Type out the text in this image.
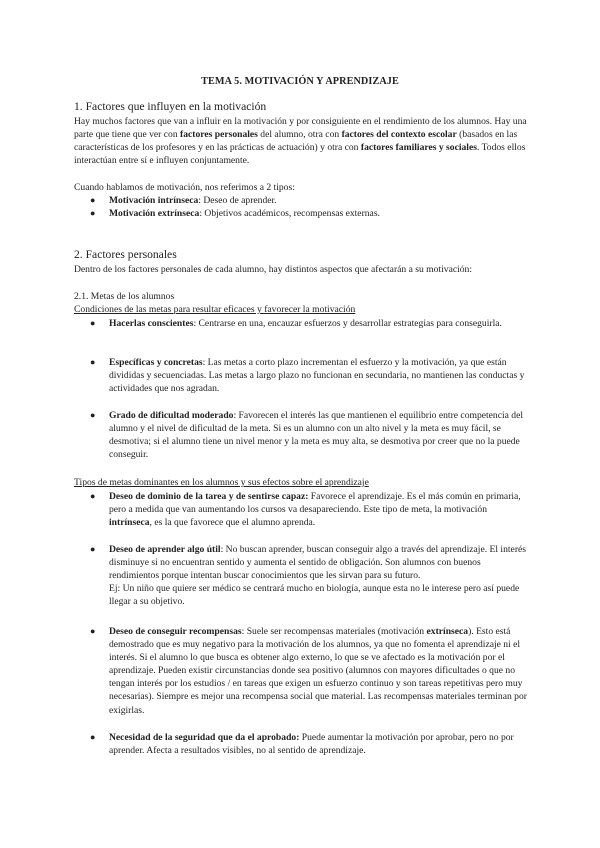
TEMA 5. MOTIVACIÓN Y APRENDIZAJE
1. Factores que influyen en la motivación

Hay muchos factores que van a influir en la motivación y por consiguiente en el rendimiento de los alumnos. Hay una parte que tiene que ver con factores personales del alumno, otra con factores del contexto escolar (basados en las características de los profesores y en las prácticas de actuación) y otra con factores familiares y sociales. Todos ellos interactúan entre sí e influyen conjuntamente.

Cuando hablamos de motivación, nos referimos a 2 tipos:

● Motivación intrínseca: Deseo de aprender.
● Motivación extrínseca: Objetivos académicos, recompensas externas.
2. Factores personales

Dentro de los factores personales de cada alumno, hay distintos aspectos que afectarán a su motivación:

2.1. Metas de los alumnos

Condiciones de las metas para resultar eficaces y favorecer la motivación

● Hacerlas conscientes: Centrarse en una, encauzar esfuerzos y desarrollar estrategias para conseguirla.
● Específicas y concretas: Las metas a corto plazo incrementan el esfuerzo y la motivación, ya que están divididas y secuenciadas. Las metas a largo plazo no funcionan en secundaria, no mantienen las conductas y actividades que nos agradan.
● Grado de dificultad moderado: Favorecen el interés las que mantienen el equilibrio entre competencia del alumno y el nivel de dificultad de la meta. Si es un alumno con un alto nivel y la meta es muy fácil, se desmotiva; si el alumno tiene un nivel menor y la meta es muy alta, se desmotiva por creer que no la puede conseguir.

Tipos de metas dominantes en los alumnos y sus efectos sobre el aprendizaje

● Deseo de dominio de la tarea y de sentirse capaz: Favorece el aprendizaje. Es el más común en primaria, pero a medida que van aumentando los cursos va desapareciendo. Este tipo de meta, la motivación intrínseca, es la que favorece que el alumno aprenda.
● Deseo de aprender algo útil: No buscan aprender, buscan conseguir algo a través del aprendizaje. El interés disminuye si no encuentran sentido y aumenta el sentido de obligación. Son alumnos con buenos rendimientos porque intentan buscar conocimientos que les sirvan para su futuro.
Ej: Un niño que quiere ser médico se centrará mucho en biología, aunque esta no le interese pero así puede llegar a su objetivo.
● Deseo de conseguir recompensas: Suele ser recompensas materiales (motivación extrínseca). Esto está demostrado que es muy negativo para la motivación de los alumnos, ya que no fomenta el aprendizaje ni el interés. Si el alumno lo que busca es obtener algo externo, lo que se ve afectado es la motivación por el aprendizaje. Pueden existir circunstancias donde sea positivo (alumnos con mayores dificultades o que no tengan interés por los estudios / en tareas que exigen un esfuerzo continuo y son tareas repetitivas pero muy necesarias). Siempre es mejor una recompensa social que material. Las recompensas materiales terminan por exigirlas.
● Necesidad de la seguridad que da el aprobado: Puede aumentar la motivación por aprobar, pero no por aprender. Afecta a resultados visibles, no al sentido de aprendizaje.
